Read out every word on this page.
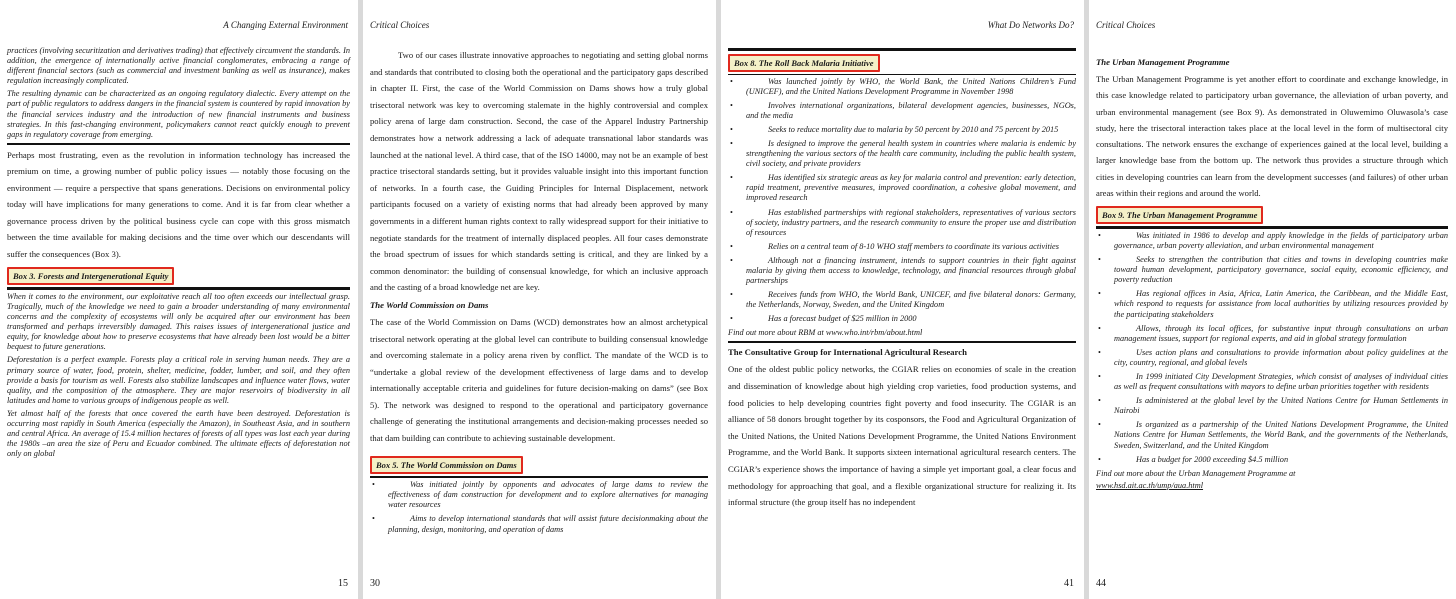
A Changing External Environment

practices (involving securitization and derivatives trading) that effectively circumvent the standards. In addition, the emergence of internationally active financial conglomerates, embracing a range of different financial sectors (such as commercial and investment banking as well as insurance), makes regulation increasingly complicated.

The resulting dynamic can be characterized as an ongoing regulatory dialectic. Every attempt on the part of public regulators to address dangers in the financial system is countered by rapid innovation by the financial services industry and the introduction of new financial instruments and business strategies. In this fast-changing environment, policymakers cannot react quickly enough to prevent gaps in regulatory coverage from emerging.

Perhaps most frustrating, even as the revolution in information technology has increased the premium on time, a growing number of public policy issues — notably those focusing on the environment — require a perspective that spans generations. Decisions on environmental policy today will have implications for many generations to come. And it is far from clear whether a governance process driven by the political business cycle can cope with this gross mismatch between the time available for making decisions and the time over which our descendants will suffer the consequences (Box 3).

Box 3. Forests and Intergenerational Equity

When it comes to the environment, our exploitative reach all too often exceeds our intellectual grasp. Tragically, much of the knowledge we need to gain a broader understanding of many environmental concerns and the complexity of ecosystems will only be acquired after our environment has been transformed and perhaps irreversibly damaged. This raises issues of intergenerational justice and equity, for knowledge about how to preserve ecosystems that have already been lost would be a bitter bequest to future generations.

Deforestation is a perfect example. Forests play a critical role in serving human needs. They are a primary source of water, food, protein, shelter, medicine, fodder, lumber, and soil, and they often provide a basis for tourism as well. Forests also stabilize landscapes and influence water flows, water quality, and the composition of the atmosphere. They are major reservoirs of biodiversity in all latitudes and home to various groups of indigenous people as well.

Yet almost half of the forests that once covered the earth have been destroyed. Deforestation is occurring most rapidly in South America (especially the Amazon), in Southeast Asia, and in southern and central Africa. An average of 15.4 million hectares of forests of all types was lost each year during the 1980s –an area the size of Peru and Ecuador combined. The ultimate effects of deforestation not only on global

15
Critical Choices

Two of our cases illustrate innovative approaches to negotiating and setting global norms and standards that contributed to closing both the operational and the participatory gaps described in chapter II. First, the case of the World Commission on Dams shows how a truly global trisectoral network was key to overcoming stalemate in the highly controversial and complex policy arena of large dam construction. Second, the case of the Apparel Industry Partnership demonstrates how a network addressing a lack of adequate transnational labor standards was launched at the national level. A third case, that of the ISO 14000, may not be an example of best practice trisectoral standards setting, but it provides valuable insight into this important function of networks. In a fourth case, the Guiding Principles for Internal Displacement, network participants focused on a variety of existing norms that had already been approved by many governments in a different human rights context to rally widespread support for their initiative to negotiate standards for the treatment of internally displaced peoples. All four cases demonstrate the broad spectrum of issues for which standards setting is critical, and they are linked by a common denominator: the building of consensual knowledge, for which an inclusive approach and the casting of a broad knowledge net are key.

The World Commission on Dams

The case of the World Commission on Dams (WCD) demonstrates how an almost archetypical trisectoral network operating at the global level can contribute to building consensual knowledge and overcoming stalemate in a policy arena riven by conflict. The mandate of the WCD is to “undertake a global review of the development effectiveness of large dams and to develop internationally acceptable criteria and guidelines for future decision-making on dams” (see Box 5). The network was designed to respond to the operational and participatory governance challenge of generating the institutional arrangements and decision-making processes needed so that dam building can contribute to achieving sustainable development.

Box 5. The World Commission on Dams
• Was initiated jointly by opponents and advocates of large dams to review the effectiveness of dam construction for development and to explore alternatives for managing water resources
• Aims to develop international standards that will assist future decisionmaking about the planning, design, monitoring, and operation of dams
30
What Do Networks Do?
Box 8. The Roll Back Malaria Initiative
• Was launched jointly by WHO, the World Bank, the United Nations Children’s Fund (UNICEF), and the United Nations Development Programme in November 1998
• Involves international organizations, bilateral development agencies, businesses, NGOs, and the media
• Seeks to reduce mortality due to malaria by 50 percent by 2010 and 75 percent by 2015
• Is designed to improve the general health system in countries where malaria is endemic by strengthening the various sectors of the health care community, including the public health system, civil society, and private providers
• Has identified six strategic areas as key for malaria control and prevention: early detection, rapid treatment, preventive measures, improved coordination, a cohesive global movement, and improved research
• Has established partnerships with regional stakeholders, representatives of various sectors of society, industry partners, and the research community to ensure the proper use and distribution of resources
• Relies on a central team of 8-10 WHO staff members to coordinate its various activities
• Although not a financing instrument, intends to support countries in their fight against malaria by giving them access to knowledge, technology, and financial resources through global partnerships
• Receives funds from WHO, the World Bank, UNICEF, and five bilateral donors: Germany, the Netherlands, Norway, Sweden, and the United Kingdom
• Has a forecast budget of $25 million in 2000
Find out more about RBM at www.who.int/rbm/about.html
The Consultative Group for International Agricultural Research

One of the oldest public policy networks, the CGIAR relies on economies of scale in the creation and dissemination of knowledge about high yielding crop varieties, food production systems, and food policies to help developing countries fight poverty and food insecurity. The CGIAR is an alliance of 58 donors brought together by its cosponsors, the Food and Agricultural Organization of the United Nations, the United Nations Development Programme, the United Nations Environment Programme, and the World Bank. It supports sixteen international agricultural research centers. The CGIAR’s experience shows the importance of having a simple yet important goal, a clear focus and methodology for approaching that goal, and a flexible organizational structure for realizing it. Its informal structure (the group itself has no independent

41
Critical Choices
The Urban Management Programme

The Urban Management Programme is yet another effort to coordinate and exchange knowledge, in this case knowledge related to participatory urban governance, the alleviation of urban poverty, and urban environmental management (see Box 9). As demonstrated in Oluwemimo Oluwasola’s case study, here the trisectoral interaction takes place at the local level in the form of multisectoral city consultations. The network ensures the exchange of experiences gained at the local level, building a larger knowledge base from the bottom up. The network thus provides a structure through which cities in developing countries can learn from the development successes (and failures) of other urban areas within their regions and around the world.

Box 9. The Urban Management Programme
• Was initiated in 1986 to develop and apply knowledge in the fields of participatory urban governance, urban poverty alleviation, and urban environmental management
• Seeks to strengthen the contribution that cities and towns in developing countries make toward human development, participatory governance, social equity, economic efficiency, and poverty reduction
• Has regional offices in Asia, Africa, Latin America, the Caribbean, and the Middle East, which respond to requests for assistance from local authorities by utilizing resources provided by the participating stakeholders
• Allows, through its local offices, for substantive input through consultations on urban management issues, support for regional experts, and aid in global strategy formulation
• Uses action plans and consultations to provide information about policy guidelines at the city, country, regional, and global levels
• In 1999 initiated City Development Strategies, which consist of analyses of individual cities as well as frequent consultations with mayors to define urban priorities together with residents
• Is administered at the global level by the United Nations Centre for Human Settlements in Nairobi
• Is organized as a partnership of the United Nations Development Programme, the United Nations Centre for Human Settlements, the World Bank, and the governments of the Netherlands, Sweden, Switzerland, and the United Kingdom
• Has a budget for 2000 exceeding $4.5 million
Find out more about the Urban Management Programme at
www.hsd.ait.ac.th/ump/aua.html
44
